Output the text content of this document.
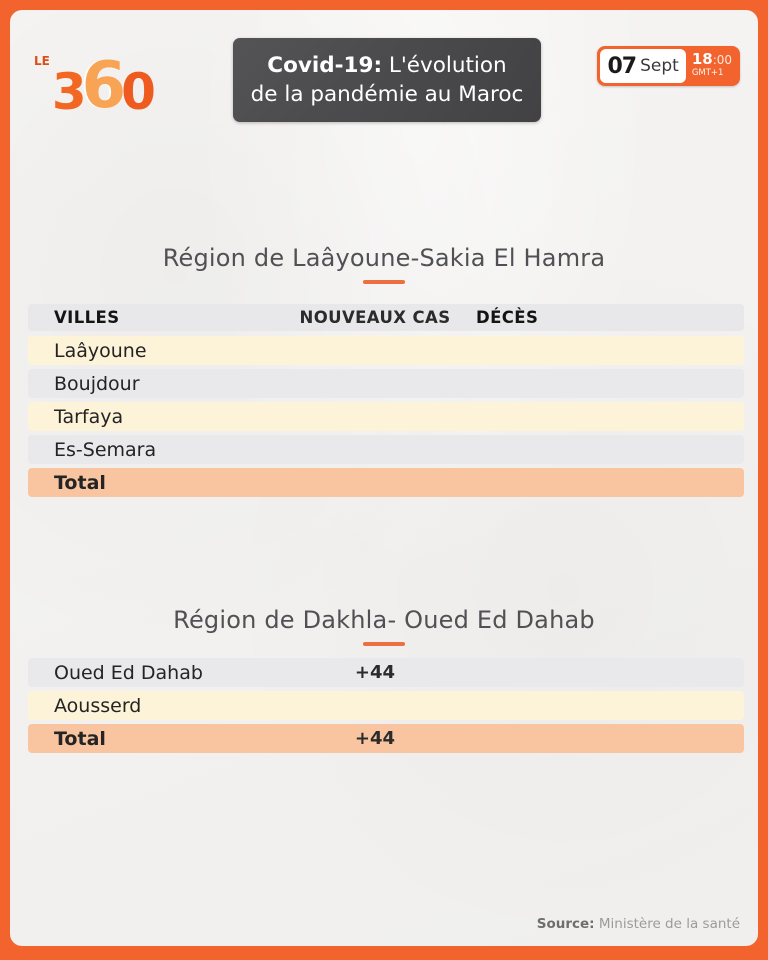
LE
3
6
0	Covid-19: L'évolution
de la pandémie au Maroc
07 Sept 18:00
GMT+1
Région de Laâyoune-Sakia El Hamra
VILLES	NOUVEAUX CAS	DÉCÈS
Laâyoune
Boujdour
Tarfaya
Es-Semara
Total
Région de Dakhla- Oued Ed Dahab
Oued Ed Dahab	+44
Aousserd
Total	+44
Source: Ministère de la santé
